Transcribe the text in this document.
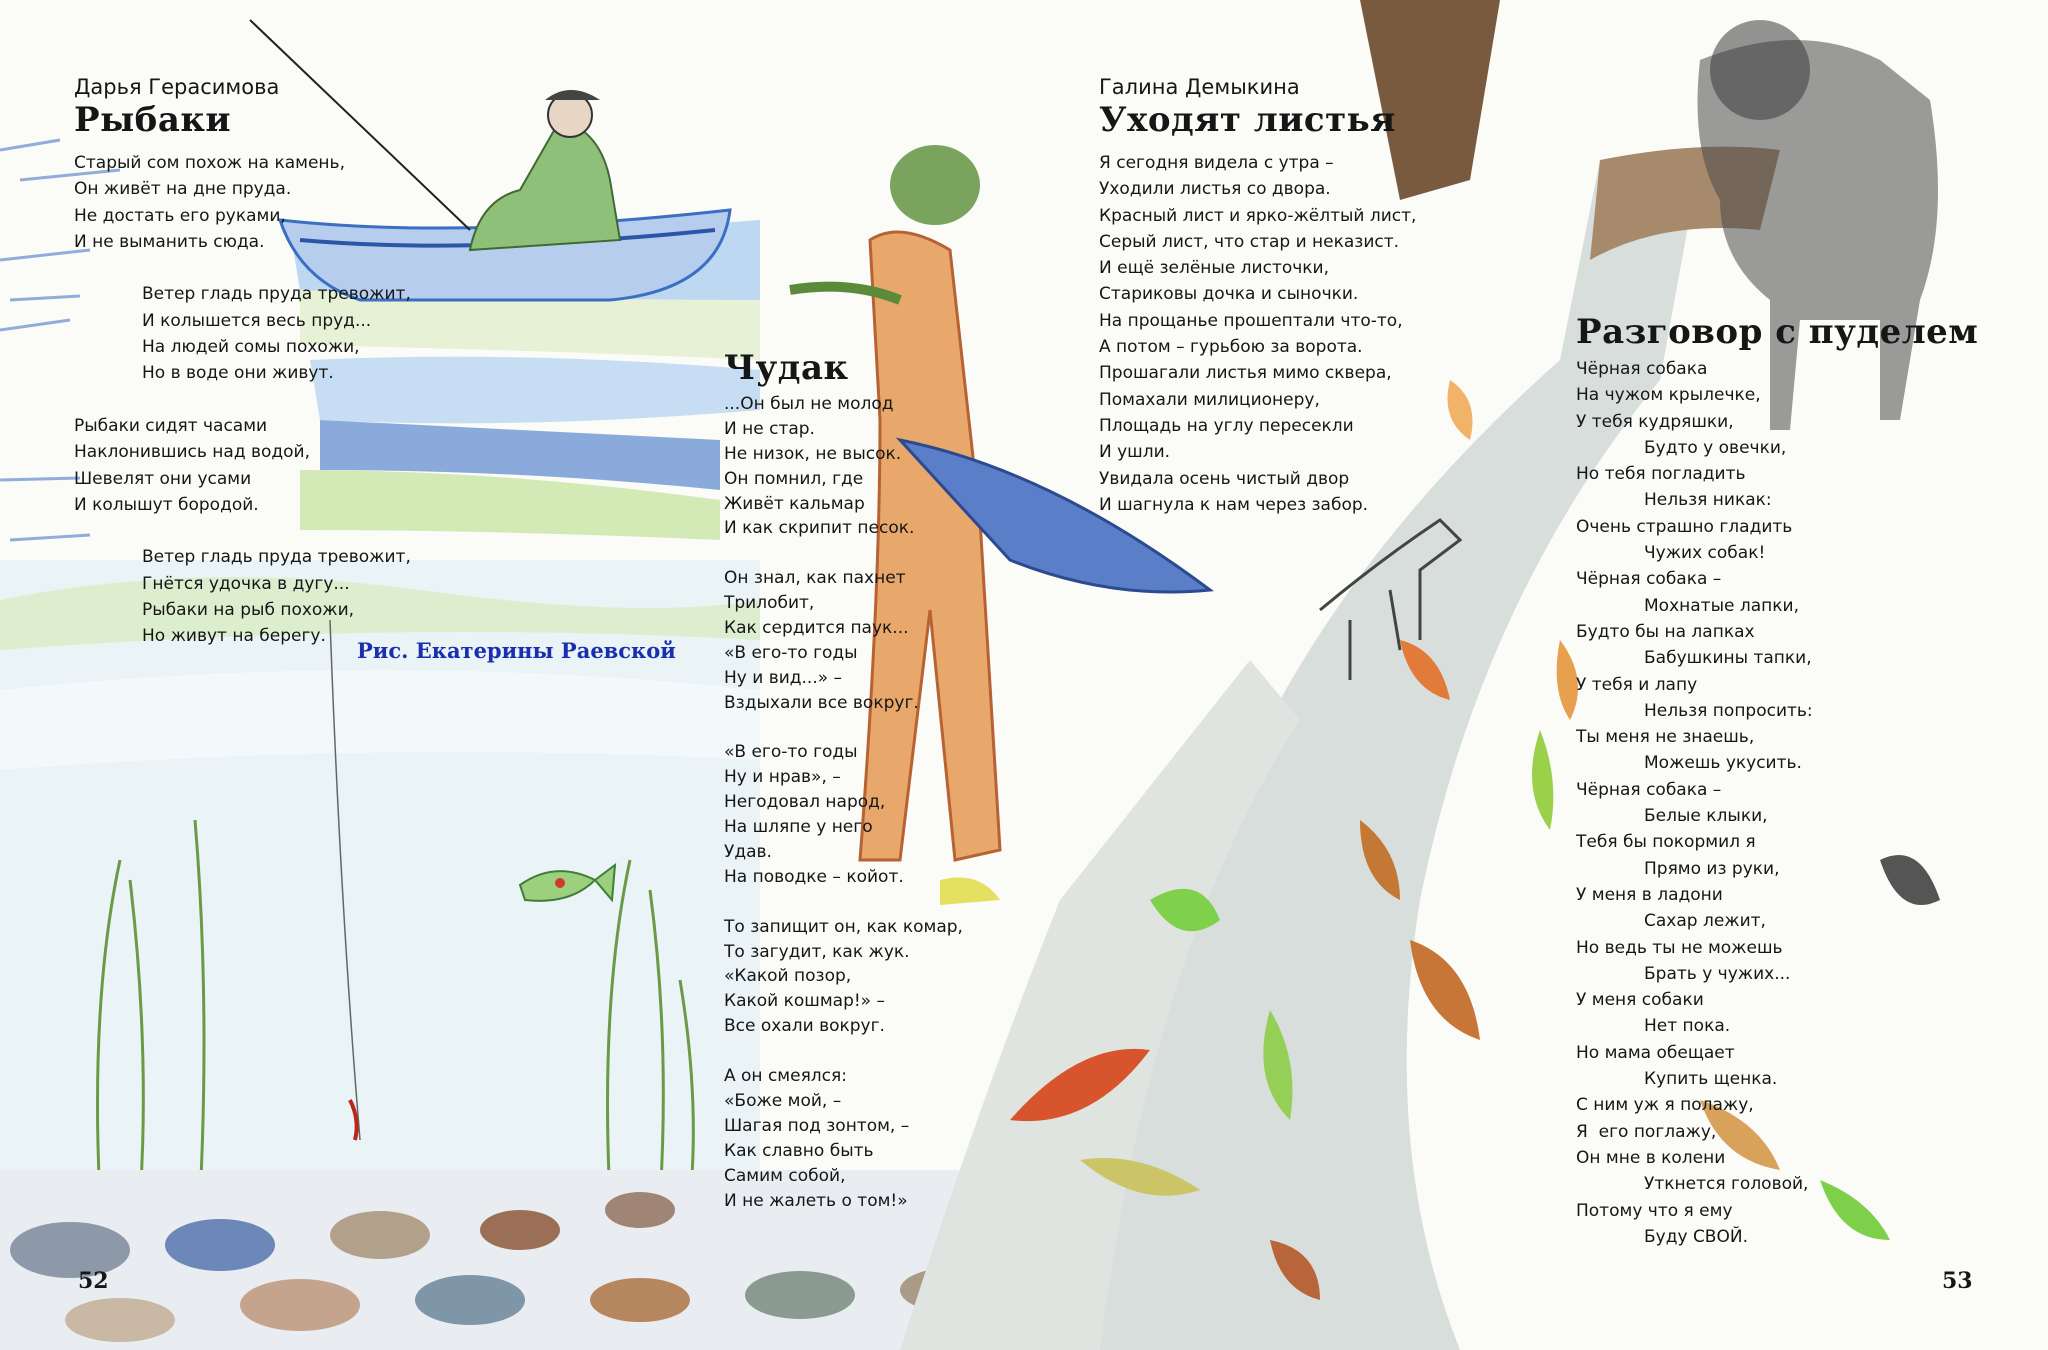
Дарья Герасимова
Рыбаки
Старый сом похож на камень,
Он живёт на дне пруда.
Не достать его руками,
И не выманить сюда.
Ветер гладь пруда тревожит,
И колышется весь пруд...
На людей сомы похожи,
Но в воде они живут.
Рыбаки сидят часами
Наклонившись над водой,
Шевелят они усами
И колышут бородой.
Ветер гладь пруда тревожит,
Гнётся удочка в дугу...
Рыбаки на рыб похожи,
Но живут на берегу.
Рис. Екатерины Раевской
Чудак
...Он был не молод
И не стар.
Не низок, не высок.
Он помнил, где
Живёт кальмар
И как скрипит песок.
Он знал, как пахнет
Трилобит,
Как сердится паук...
«В его-то годы
Ну и вид...» –
Вздыхали все вокруг.
«В его-то годы
Ну и нрав», –
Негодовал народ,
На шляпе у него
Удав.
На поводке – койот.
То запищит он, как комар,
То загудит, как жук.
«Какой позор,
Какой кошмар!» –
Все охали вокруг.
А он смеялся:
«Боже мой, –
Шагая под зонтом, –
Как славно быть
Самим собой,
И не жалеть о том!»
52
Галина Демыкина
Уходят листья
Я сегодня видела с утра –
Уходили листья со двора.
Красный лист и ярко-жёлтый лист,
Серый лист, что стар и неказист.
И ещё зелёные листочки,
Стариковы дочка и сыночки.
На прощанье прошептали что-то,
А потом – гурьбою за ворота.
Прошагали листья мимо сквера,
Помахали милиционеру,
Площадь на углу пересекли
И ушли.
Увидала осень чистый двор
И шагнула к нам через забор.
Разговор с пуделем
Чёрная собака
На чужом крылечке,
У тебя кудряшки,
Будто у овечки,
Но тебя погладить
Нельзя никак:
Очень страшно гладить
Чужих собак!
Чёрная собака –
Мохнатые лапки,
Будто бы на лапках
Бабушкины тапки,
У тебя и лапу
Нельзя попросить:
Ты меня не знаешь,
Можешь укусить.
Чёрная собака –
Белые клыки,
Тебя бы покормил я
Прямо из руки,
У меня в ладони
Сахар лежит,
Но ведь ты не можешь
Брать у чужих...
У меня собаки
Нет пока.
Но мама обещает
Купить щенка.
С ним уж я полажу,
Я  его поглажу,
Он мне в колени
Уткнется головой,
Потому что я ему
Буду СВОЙ.
53
